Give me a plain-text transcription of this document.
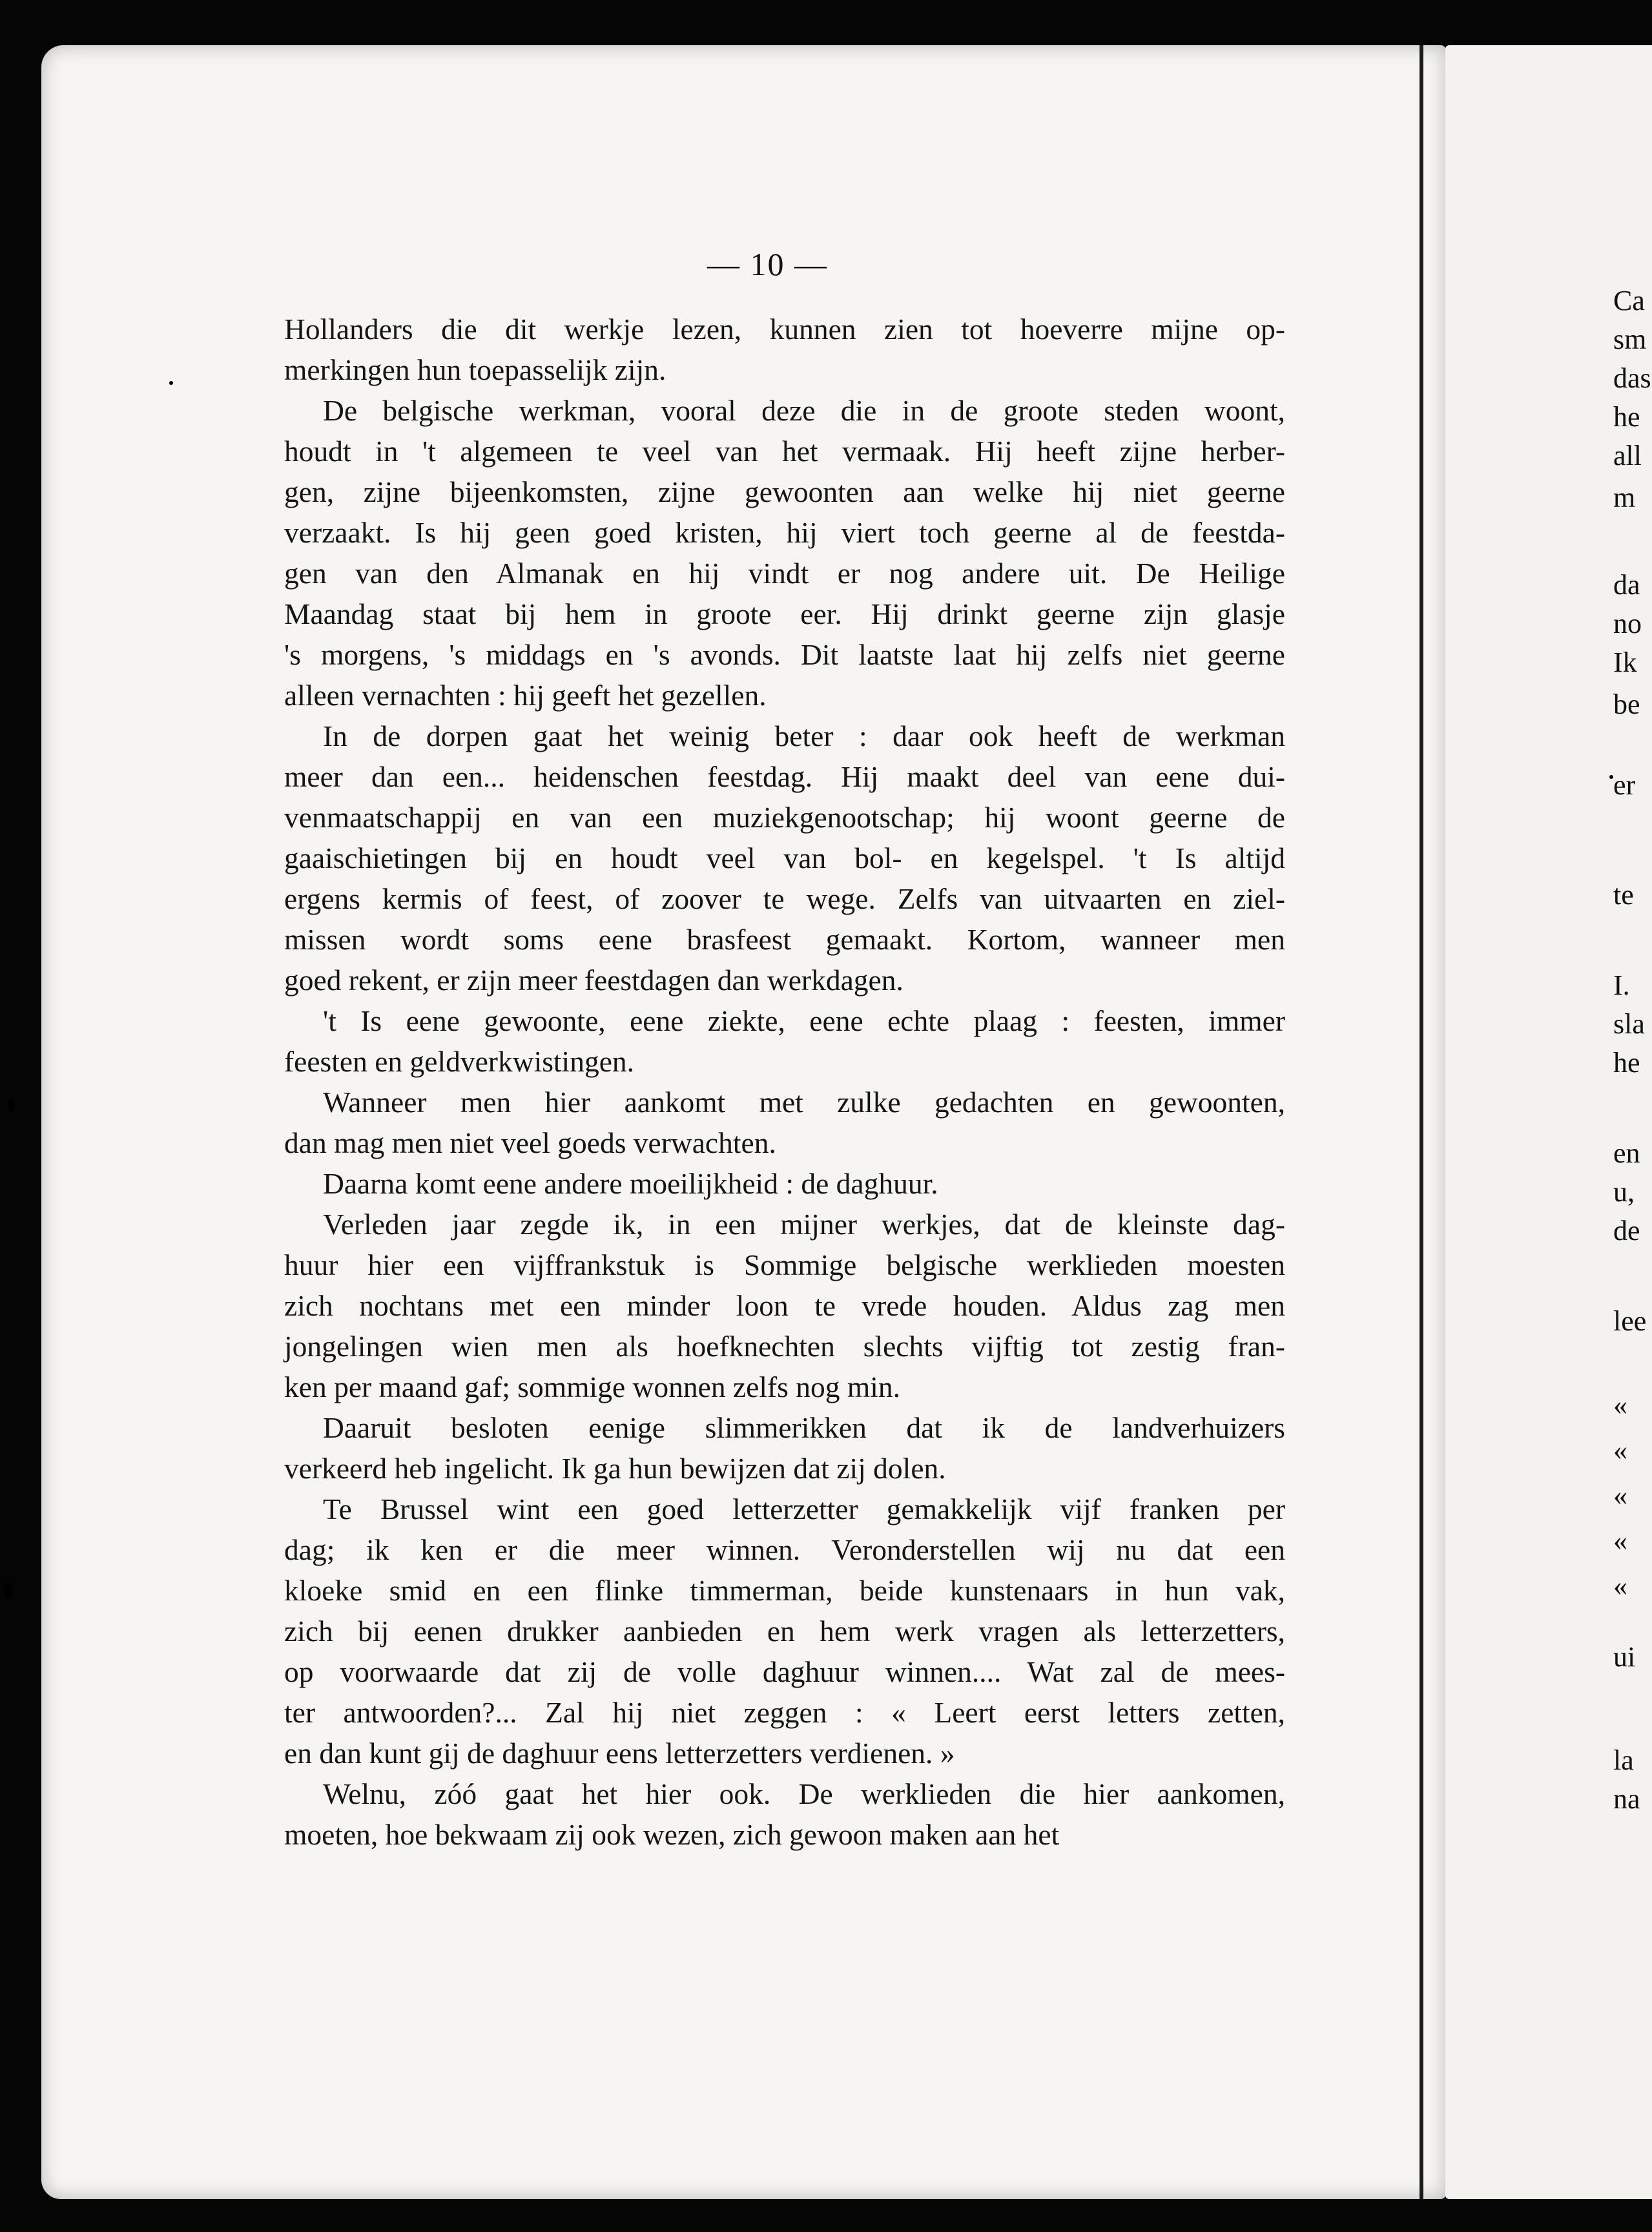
Ca
sm
das
he
all
m
da
no
Ik
be
er
te
I.
sla
he
en
u,
de
lee
«
«
«
«
«
ui
la
na
— 10 —
Hollanders die dit werkje lezen, kunnen zien tot hoeverre mijne op-
merkingen hun toepasselijk zijn.
De belgische werkman, vooral deze die in de groote steden woont,
houdt in 't algemeen te veel van het vermaak. Hij heeft zijne herber-
gen, zijne bijeenkomsten, zijne gewoonten aan welke hij niet geerne
verzaakt. Is hij geen goed kristen, hij viert toch geerne al de feestda-
gen van den Almanak en hij vindt er nog andere uit. De Heilige
Maandag staat bij hem in groote eer. Hij drinkt geerne zijn glasje
's morgens, 's middags en 's avonds. Dit laatste laat hij zelfs niet geerne
alleen vernachten : hij geeft het gezellen.
In de dorpen gaat het weinig beter : daar ook heeft de werkman
meer dan een... heidenschen feestdag. Hij maakt deel van eene dui-
venmaatschappij en van een muziekgenootschap; hij woont geerne de
gaaischietingen bij en houdt veel van bol- en kegelspel. 't Is altijd
ergens kermis of feest, of zoover te wege. Zelfs van uitvaarten en ziel-
missen wordt soms eene brasfeest gemaakt. Kortom, wanneer men
goed rekent, er zijn meer feestdagen dan werkdagen.
't Is eene gewoonte, eene ziekte, eene echte plaag : feesten, immer
feesten en geldverkwistingen.
Wanneer men hier aankomt met zulke gedachten en gewoonten,
dan mag men niet veel goeds verwachten.
Daarna komt eene andere moeilijkheid : de daghuur.
Verleden jaar zegde ik, in een mijner werkjes, dat de kleinste dag-
huur hier een vijffrankstuk is Sommige belgische werklieden moesten
zich nochtans met een minder loon te vrede houden. Aldus zag men
jongelingen wien men als hoefknechten slechts vijftig tot zestig fran-
ken per maand gaf; sommige wonnen zelfs nog min.
Daaruit besloten eenige slimmerikken dat ik de landverhuizers
verkeerd heb ingelicht. Ik ga hun bewijzen dat zij dolen.
Te Brussel wint een goed letterzetter gemakkelijk vijf franken per
dag; ik ken er die meer winnen. Veronderstellen wij nu dat een
kloeke smid en een flinke timmerman, beide kunstenaars in hun vak,
zich bij eenen drukker aanbieden en hem werk vragen als letterzetters,
op voorwaarde dat zij de volle daghuur winnen.... Wat zal de mees-
ter antwoorden?... Zal hij niet zeggen : « Leert eerst letters zetten,
en dan kunt gij de daghuur eens letterzetters verdienen. »
Welnu, zóó gaat het hier ook. De werklieden die hier aankomen,
moeten, hoe bekwaam zij ook wezen, zich gewoon maken aan het
